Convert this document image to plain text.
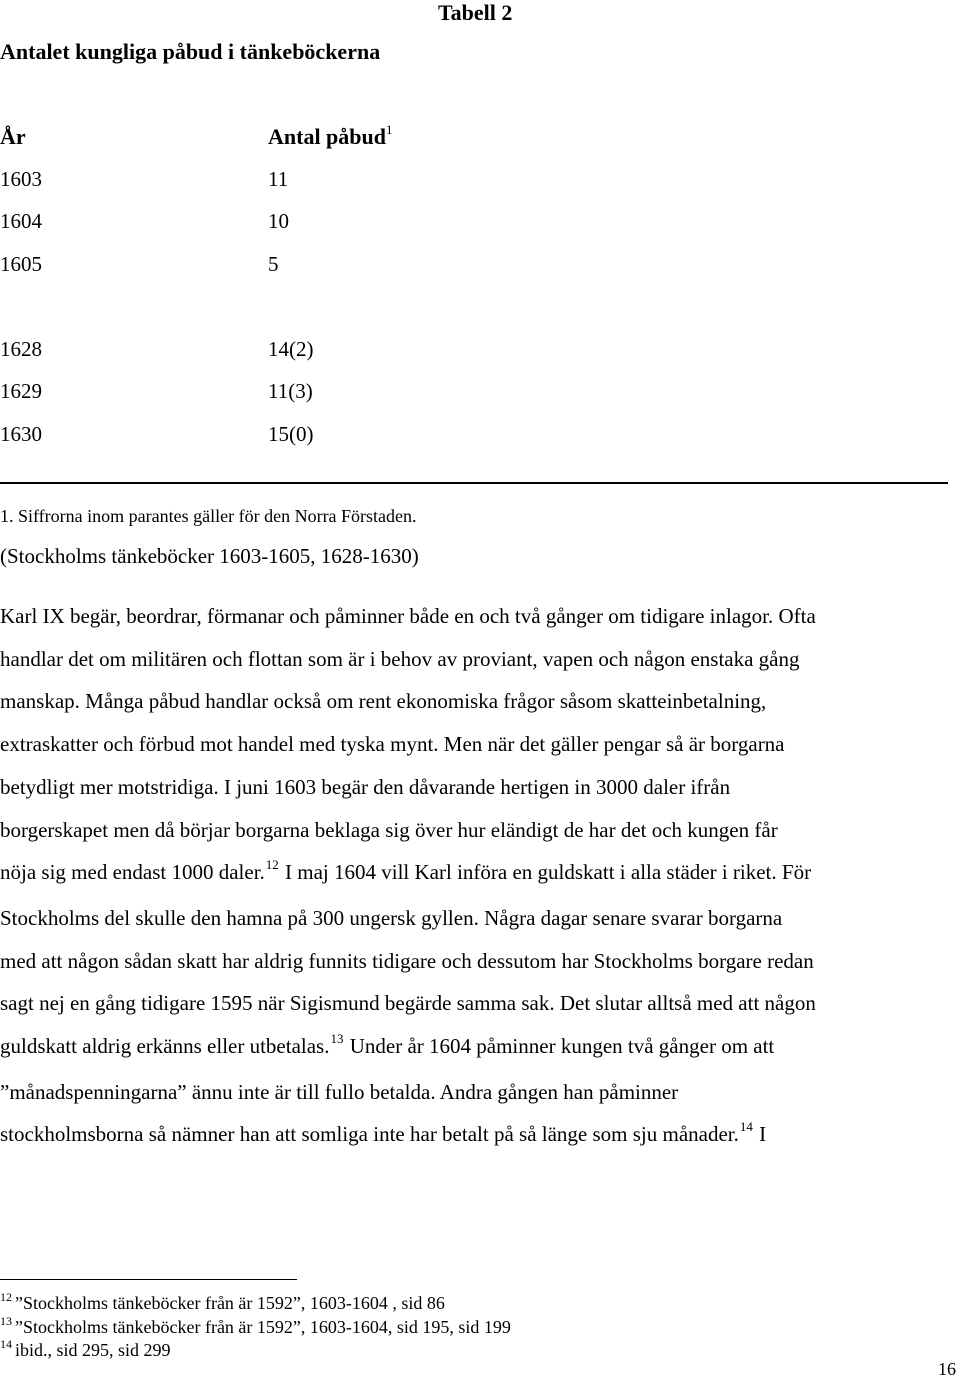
Tabell 2
Antalet kungliga påbud i tänkeböckerna
År	Antal påbud$^1$
1603	11
1604	10
1605	5
1628	14(2)
1629	11(3)
1630	15(0)
1. Siffrorna inom parantes gäller för den Norra Förstaden.
(Stockholms tänkeböcker 1603-1605, 1628-1630)
Karl IX begär, beordrar, förmanar och påminner både en och två gånger om tidigare inlagor. Ofta
handlar det om militären och flottan som är i behov av proviant, vapen och någon enstaka gång
manskap. Många påbud handlar också om rent ekonomiska frågor såsom skatteinbetalning,
extraskatter och förbud mot handel med tyska mynt. Men när det gäller pengar så är borgarna
betydligt mer motstridiga. I juni 1603 begär den dåvarande hertigen in 3000 daler ifrån
borgerskapet men då börjar borgarna beklaga sig över hur eländigt de har det och kungen får
nöja sig med endast 1000 daler.$^{12}$ I maj 1604 vill Karl införa en guldskatt i alla städer i riket. För
Stockholms del skulle den hamna på 300 ungersk gyllen. Några dagar senare svarar borgarna
med att någon sådan skatt har aldrig funnits tidigare och dessutom har Stockholms borgare redan
sagt nej en gång tidigare 1595 när Sigismund begärde samma sak. Det slutar alltså med att någon
guldskatt aldrig erkänns eller utbetalas.$^{13}$ Under år 1604 påminner kungen två gånger om att
”månadspenningarna” ännu inte är till fullo betalda. Andra gången han påminner
stockholmsborna så nämner han att somliga inte har betalt på så länge som sju månader.$^{14}$ I
$^{12}$ ”Stockholms tänkeböcker från är 1592”, 1603-1604 , sid 86
$^{13}$ ”Stockholms tänkeböcker från är 1592”, 1603-1604, sid 195, sid 199
$^{14}$ ibid., sid 295, sid 299
16
